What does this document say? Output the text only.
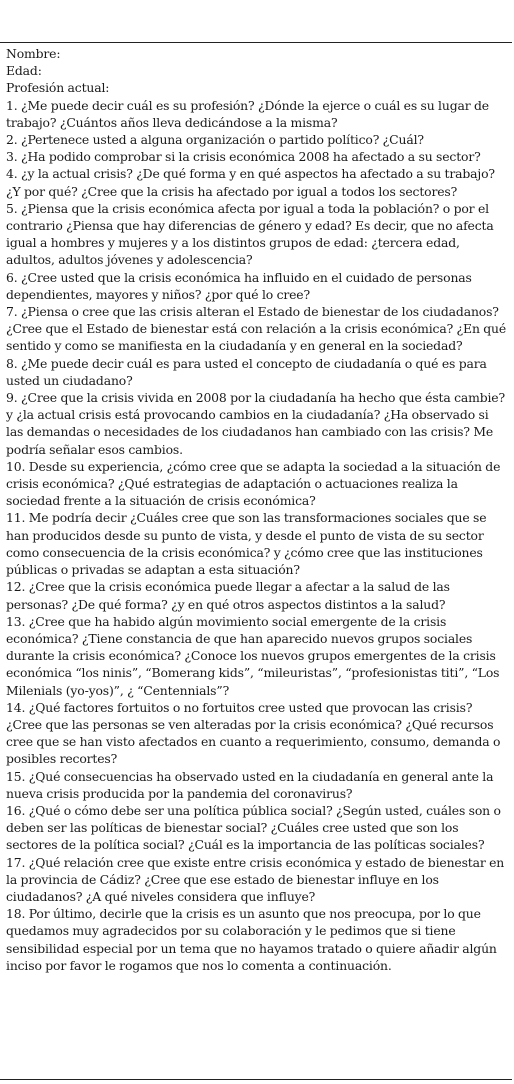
Nombre:

Edad:

Profesión actual:

1. ¿Me puede decir cuál es su profesión? ¿Dónde la ejerce o cuál es su lugar de trabajo? ¿Cuántos años lleva dedicándose a la misma?

2. ¿Pertenece usted a alguna organización o partido político? ¿Cuál?

3. ¿Ha podido comprobar si la crisis económica 2008 ha afectado a su sector?

4. ¿y la actual crisis? ¿De qué forma y en qué aspectos ha afectado a su trabajo? ¿Y por qué? ¿Cree que la crisis ha afectado por igual a todos los sectores?

5. ¿Piensa que la crisis económica afecta por igual a toda la población? o por el contrario ¿Piensa que hay diferencias de género y edad? Es decir, que no afecta igual a hombres y mujeres y a los distintos grupos de edad: ¿tercera edad, adultos, adultos jóvenes y adolescencia?

6. ¿Cree usted que la crisis económica ha influido en el cuidado de personas dependientes, mayores y niños? ¿por qué lo cree?

7. ¿Piensa o cree que las crisis alteran el Estado de bienestar de los ciudadanos? ¿Cree que el Estado de bienestar está con relación a la crisis económica? ¿En qué sentido y como se manifiesta en la ciudadanía y en general en la sociedad?

8. ¿Me puede decir cuál es para usted el concepto de ciudadanía o qué es para usted un ciudadano?

9. ¿Cree que la crisis vivida en 2008 por la ciudadanía ha hecho que ésta cambie? y ¿la actual crisis está provocando cambios en la ciudadanía? ¿Ha observado si las demandas o necesidades de los ciudadanos han cambiado con las crisis? Me podría señalar esos cambios.

10. Desde su experiencia, ¿cómo cree que se adapta la sociedad a la situación de crisis económica? ¿Qué estrategias de adaptación o actuaciones realiza la sociedad frente a la situación de crisis económica?

11. Me podría decir ¿Cuáles cree que son las transformaciones sociales que se han producidos desde su punto de vista, y desde el punto de vista de su sector como consecuencia de la crisis económica? y ¿cómo cree que las instituciones públicas o privadas se adaptan a esta situación?

12. ¿Cree que la crisis económica puede llegar a afectar a la salud de las personas? ¿De qué forma? ¿y en qué otros aspectos distintos a la salud?

13. ¿Cree que ha habido algún movimiento social emergente de la crisis económica? ¿Tiene constancia de que han aparecido nuevos grupos sociales durante la crisis económica? ¿Conoce los nuevos grupos emergentes de la crisis económica “los ninis”, “Bomerang kids”, “mileuristas”, “profesionistas titi”, “Los Milenials (yo-yos)”, ¿ “Centennials”?

14. ¿Qué factores fortuitos o no fortuitos cree usted que provocan las crisis? ¿Cree que las personas se ven alteradas por la crisis económica? ¿Qué recursos cree que se han visto afectados en cuanto a requerimiento, consumo, demanda o posibles recortes?

15. ¿Qué consecuencias ha observado usted en la ciudadanía en general ante la nueva crisis producida por la pandemia del coronavirus?

16. ¿Qué o cómo debe ser una política pública social? ¿Según usted, cuáles son o deben ser las políticas de bienestar social? ¿Cuáles cree usted que son los sectores de la política social? ¿Cuál es la importancia de las políticas sociales?

17. ¿Qué relación cree que existe entre crisis económica y estado de bienestar en la provincia de Cádiz? ¿Cree que ese estado de bienestar influye en los ciudadanos? ¿A qué niveles considera que influye?

18. Por último, decirle que la crisis es un asunto que nos preocupa, por lo que quedamos muy agradecidos por su colaboración y le pedimos que si tiene sensibilidad especial por un tema que no hayamos tratado o quiere añadir algún inciso por favor le rogamos que nos lo comenta a continuación.
